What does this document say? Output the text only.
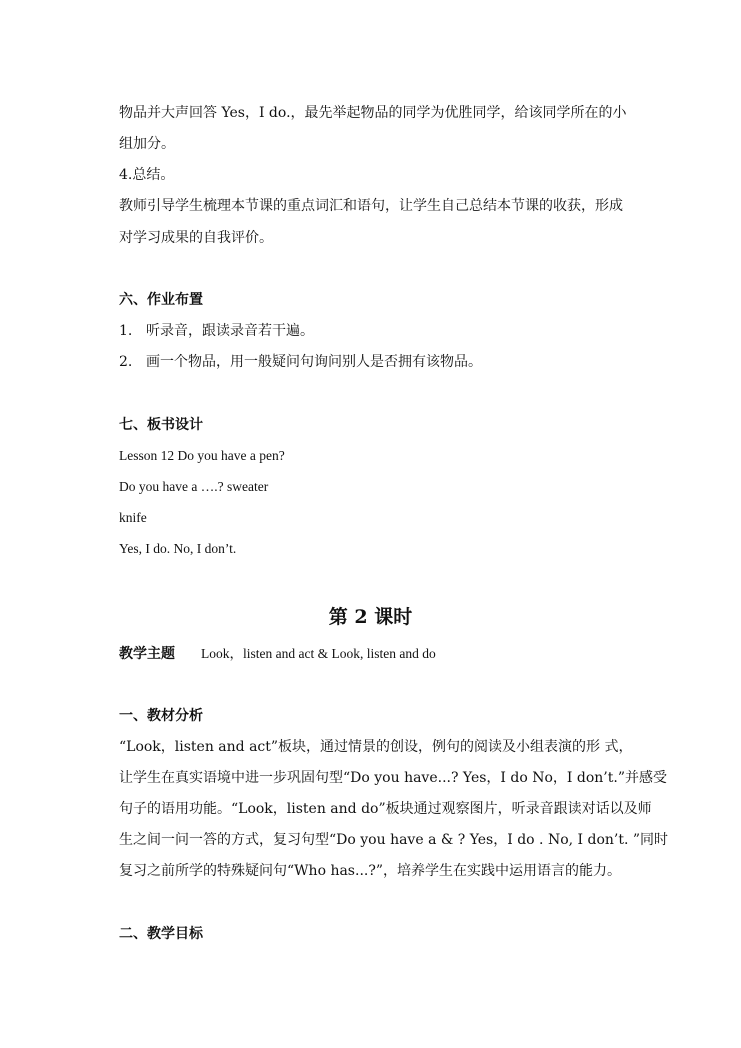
物品并大声回答 Yes，I do.，最先举起物品的同学为优胜同学，给该同学所在的小
组加分。
4.总结。
教师引导学生梳理本节课的重点词汇和语句，让学生自己总结本节课的收获，形成
对学习成果的自我评价。
六、作业布置
1. 听录音，跟读录音若干遍。
2. 画一个物品，用一般疑问句询问别人是否拥有该物品。
七、板书设计
Lesson 12 Do you have a pen?
Do you have a ….? sweater
knife
Yes, I do. No, I don’t.
第 2 课时
教学主题 Look，listen and act & Look, listen and do
一、教材分析
“Look，listen and act”板块，通过情景的创设，例句的阅读及小组表演的形 式，
让学生在真实语境中进一步巩固句型“Do you have...? Yes，I do No，I don’t.”并感受
句子的语用功能。“Look，listen and do”板块通过观察图片，听录音跟读对话以及师
生之间一问一答的方式，复习句型“Do you have a & ? Yes，I do . No, I don’t. ”同时
复习之前所学的特殊疑问句“Who has...?”，培养学生在实践中运用语言的能力。
二、教学目标
